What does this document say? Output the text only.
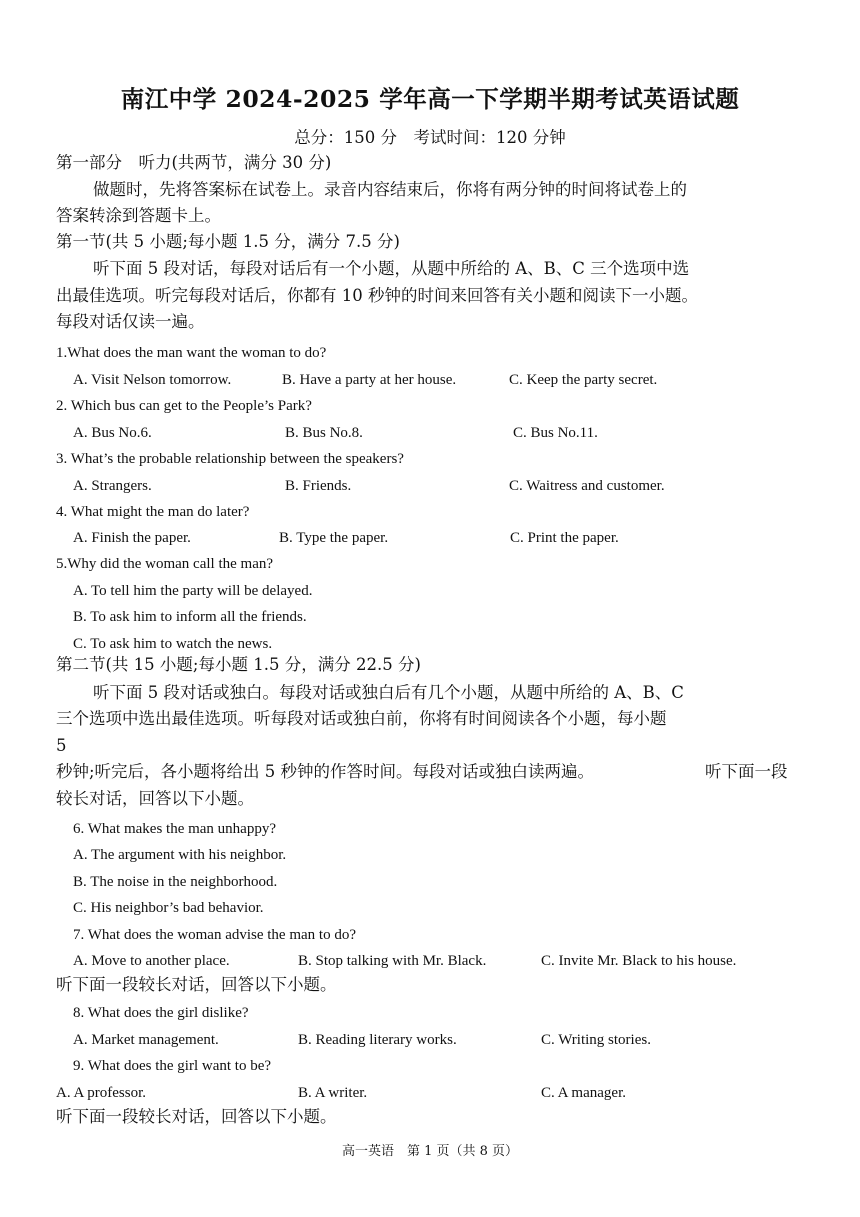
南江中学 2024-2025 学年高一下学期半期考试英语试题
总分：150 分　考试时间：120 分钟
第一部分　听力(共两节，满分 30 分)
做题时，先将答案标在试卷上。录音内容结束后，你将有两分钟的时间将试卷上的
答案转涂到答题卡上。
第一节(共 5 小题;每小题 1.5 分，满分 7.5 分)
听下面 5 段对话，每段对话后有一个小题，从题中所给的 A、B、C 三个选项中选
出最佳选项。听完每段对话后，你都有 10 秒钟的时间来回答有关小题和阅读下一小题。
每段对话仅读一遍。
1.What does the man want the woman to do?
A. Visit Nelson tomorrow.	B. Have a party at her house.	C. Keep the party secret.
2. Which bus can get to the People’s Park?
A. Bus No.6.	B. Bus No.8.	C. Bus No.11.
3. What’s the probable relationship between the speakers?
A. Strangers.	B. Friends.	C. Waitress and customer.
4. What might the man do later?
A. Finish the paper.	B. Type the paper.	C. Print the paper.
5.Why did the woman call the man?
A. To tell him the party will be delayed.
B. To ask him to inform all the friends.
C. To ask him to watch the news.
第二节(共 15 小题;每小题 1.5 分，满分 22.5 分)
听下面 5 段对话或独白。每段对话或独白后有几个小题，从题中所给的 A、B、C
三个选项中选出最佳选项。听每段对话或独白前，你将有时间阅读各个小题，每小题
5
秒钟;听完后，各小题将给出 5 秒钟的作答时间。每段对话或独白读两遍。	听下面一段
较长对话，回答以下小题。
6. What makes the man unhappy?
A. The argument with his neighbor.
B. The noise in the neighborhood.
C. His neighbor’s bad behavior.
7. What does the woman advise the man to do?
A. Move to another place.	B. Stop talking with Mr. Black.	C. Invite Mr. Black to his house.
听下面一段较长对话，回答以下小题。
8. What does the girl dislike?
A. Market management.	B. Reading literary works.	C. Writing stories.
9. What does the girl want to be?
A. A professor.	B. A writer.	C. A manager.
听下面一段较长对话，回答以下小题。
高一英语　第 1 页（共 8 页）
